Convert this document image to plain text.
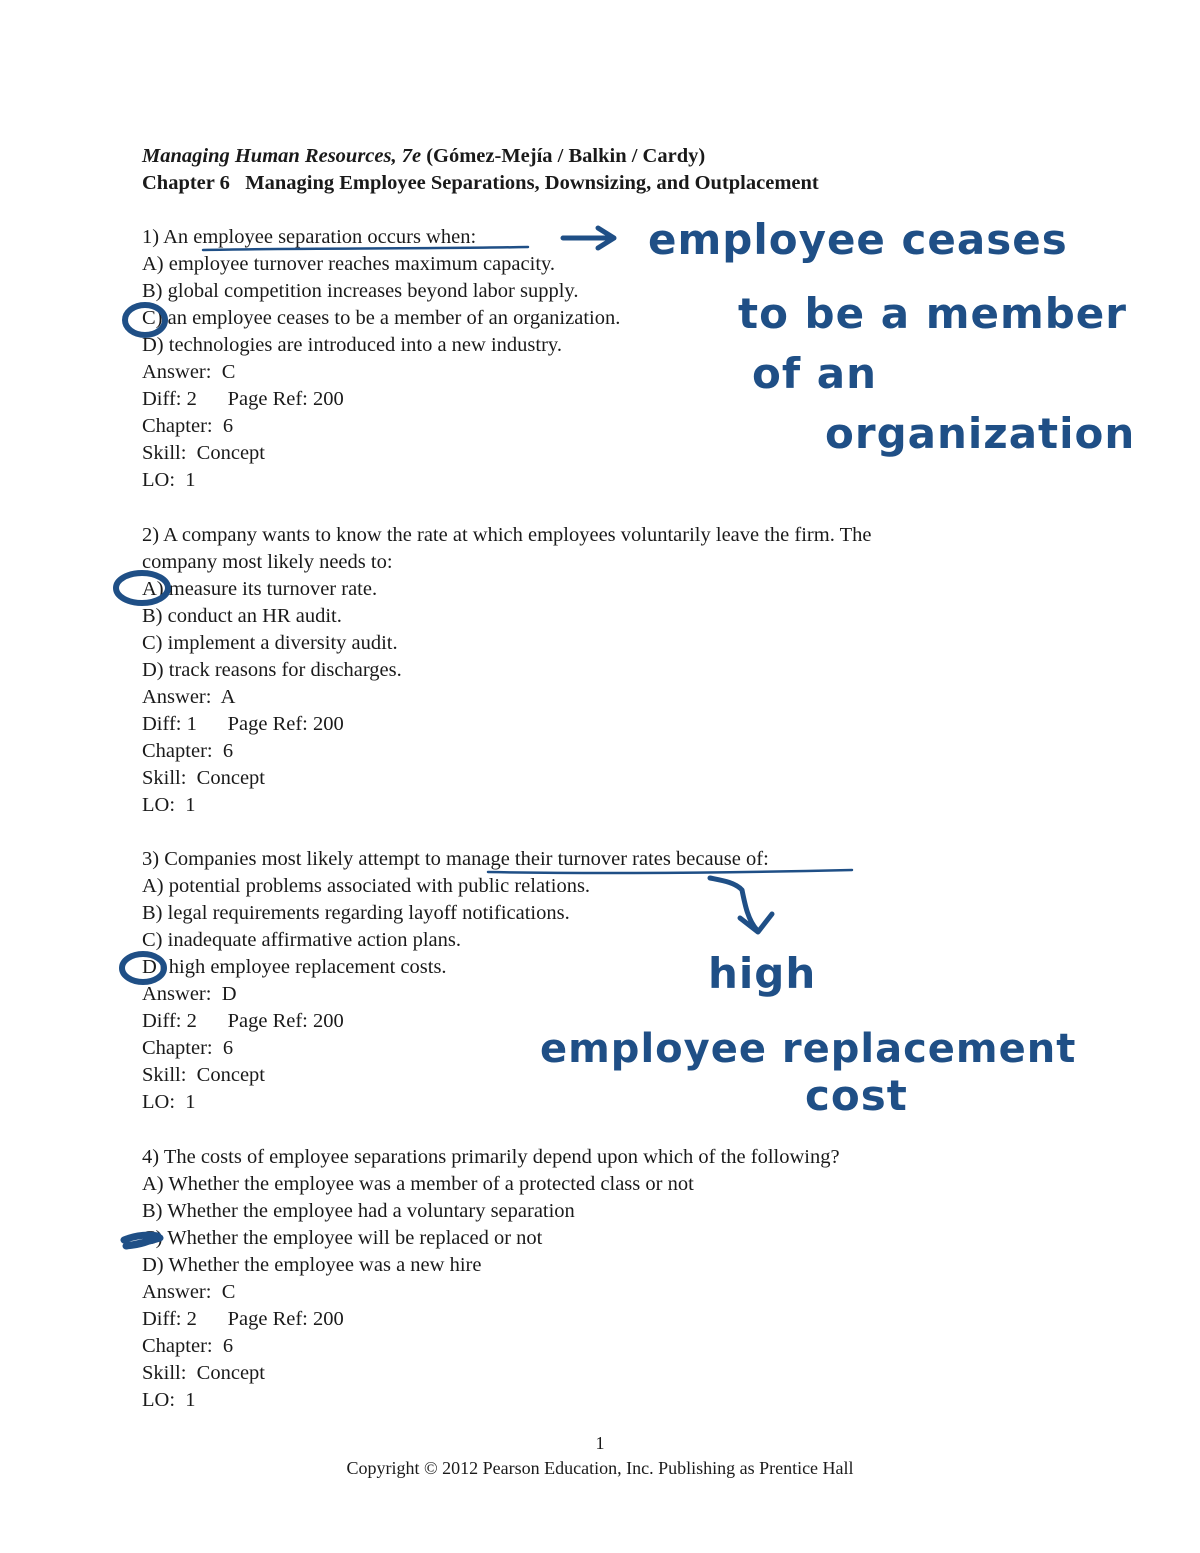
Managing Human Resources, 7e (Gómez-Mejía / Balkin / Cardy)

Chapter 6   Managing Employee Separations, Downsizing, and Outplacement

1) An employee separation occurs when:

A) employee turnover reaches maximum capacity.

B) global competition increases beyond labor supply.

C) an employee ceases to be a member of an organization.

D) technologies are introduced into a new industry.

Answer:  C

Diff: 2      Page Ref: 200

Chapter:  6

Skill:  Concept

LO:  1

2) A company wants to know the rate at which employees voluntarily leave the firm. The

company most likely needs to:

A) measure its turnover rate.

B) conduct an HR audit.

C) implement a diversity audit.

D) track reasons for discharges.

Answer:  A

Diff: 1      Page Ref: 200

Chapter:  6

Skill:  Concept

LO:  1

3) Companies most likely attempt to manage their turnover rates because of:

A) potential problems associated with public relations.

B) legal requirements regarding layoff notifications.

C) inadequate affirmative action plans.

D) high employee replacement costs.

Answer:  D

Diff: 2      Page Ref: 200

Chapter:  6

Skill:  Concept

LO:  1

4) The costs of employee separations primarily depend upon which of the following?

A) Whether the employee was a member of a protected class or not

B) Whether the employee had a voluntary separation

C) Whether the employee will be replaced or not

D) Whether the employee was a new hire

Answer:  C

Diff: 2      Page Ref: 200

Chapter:  6

Skill:  Concept

LO:  1

1
Copyright © 2012 Pearson Education, Inc. Publishing as Prentice Hall
employee ceases
to be a member
of an
organization
high
employee replacement
cost
